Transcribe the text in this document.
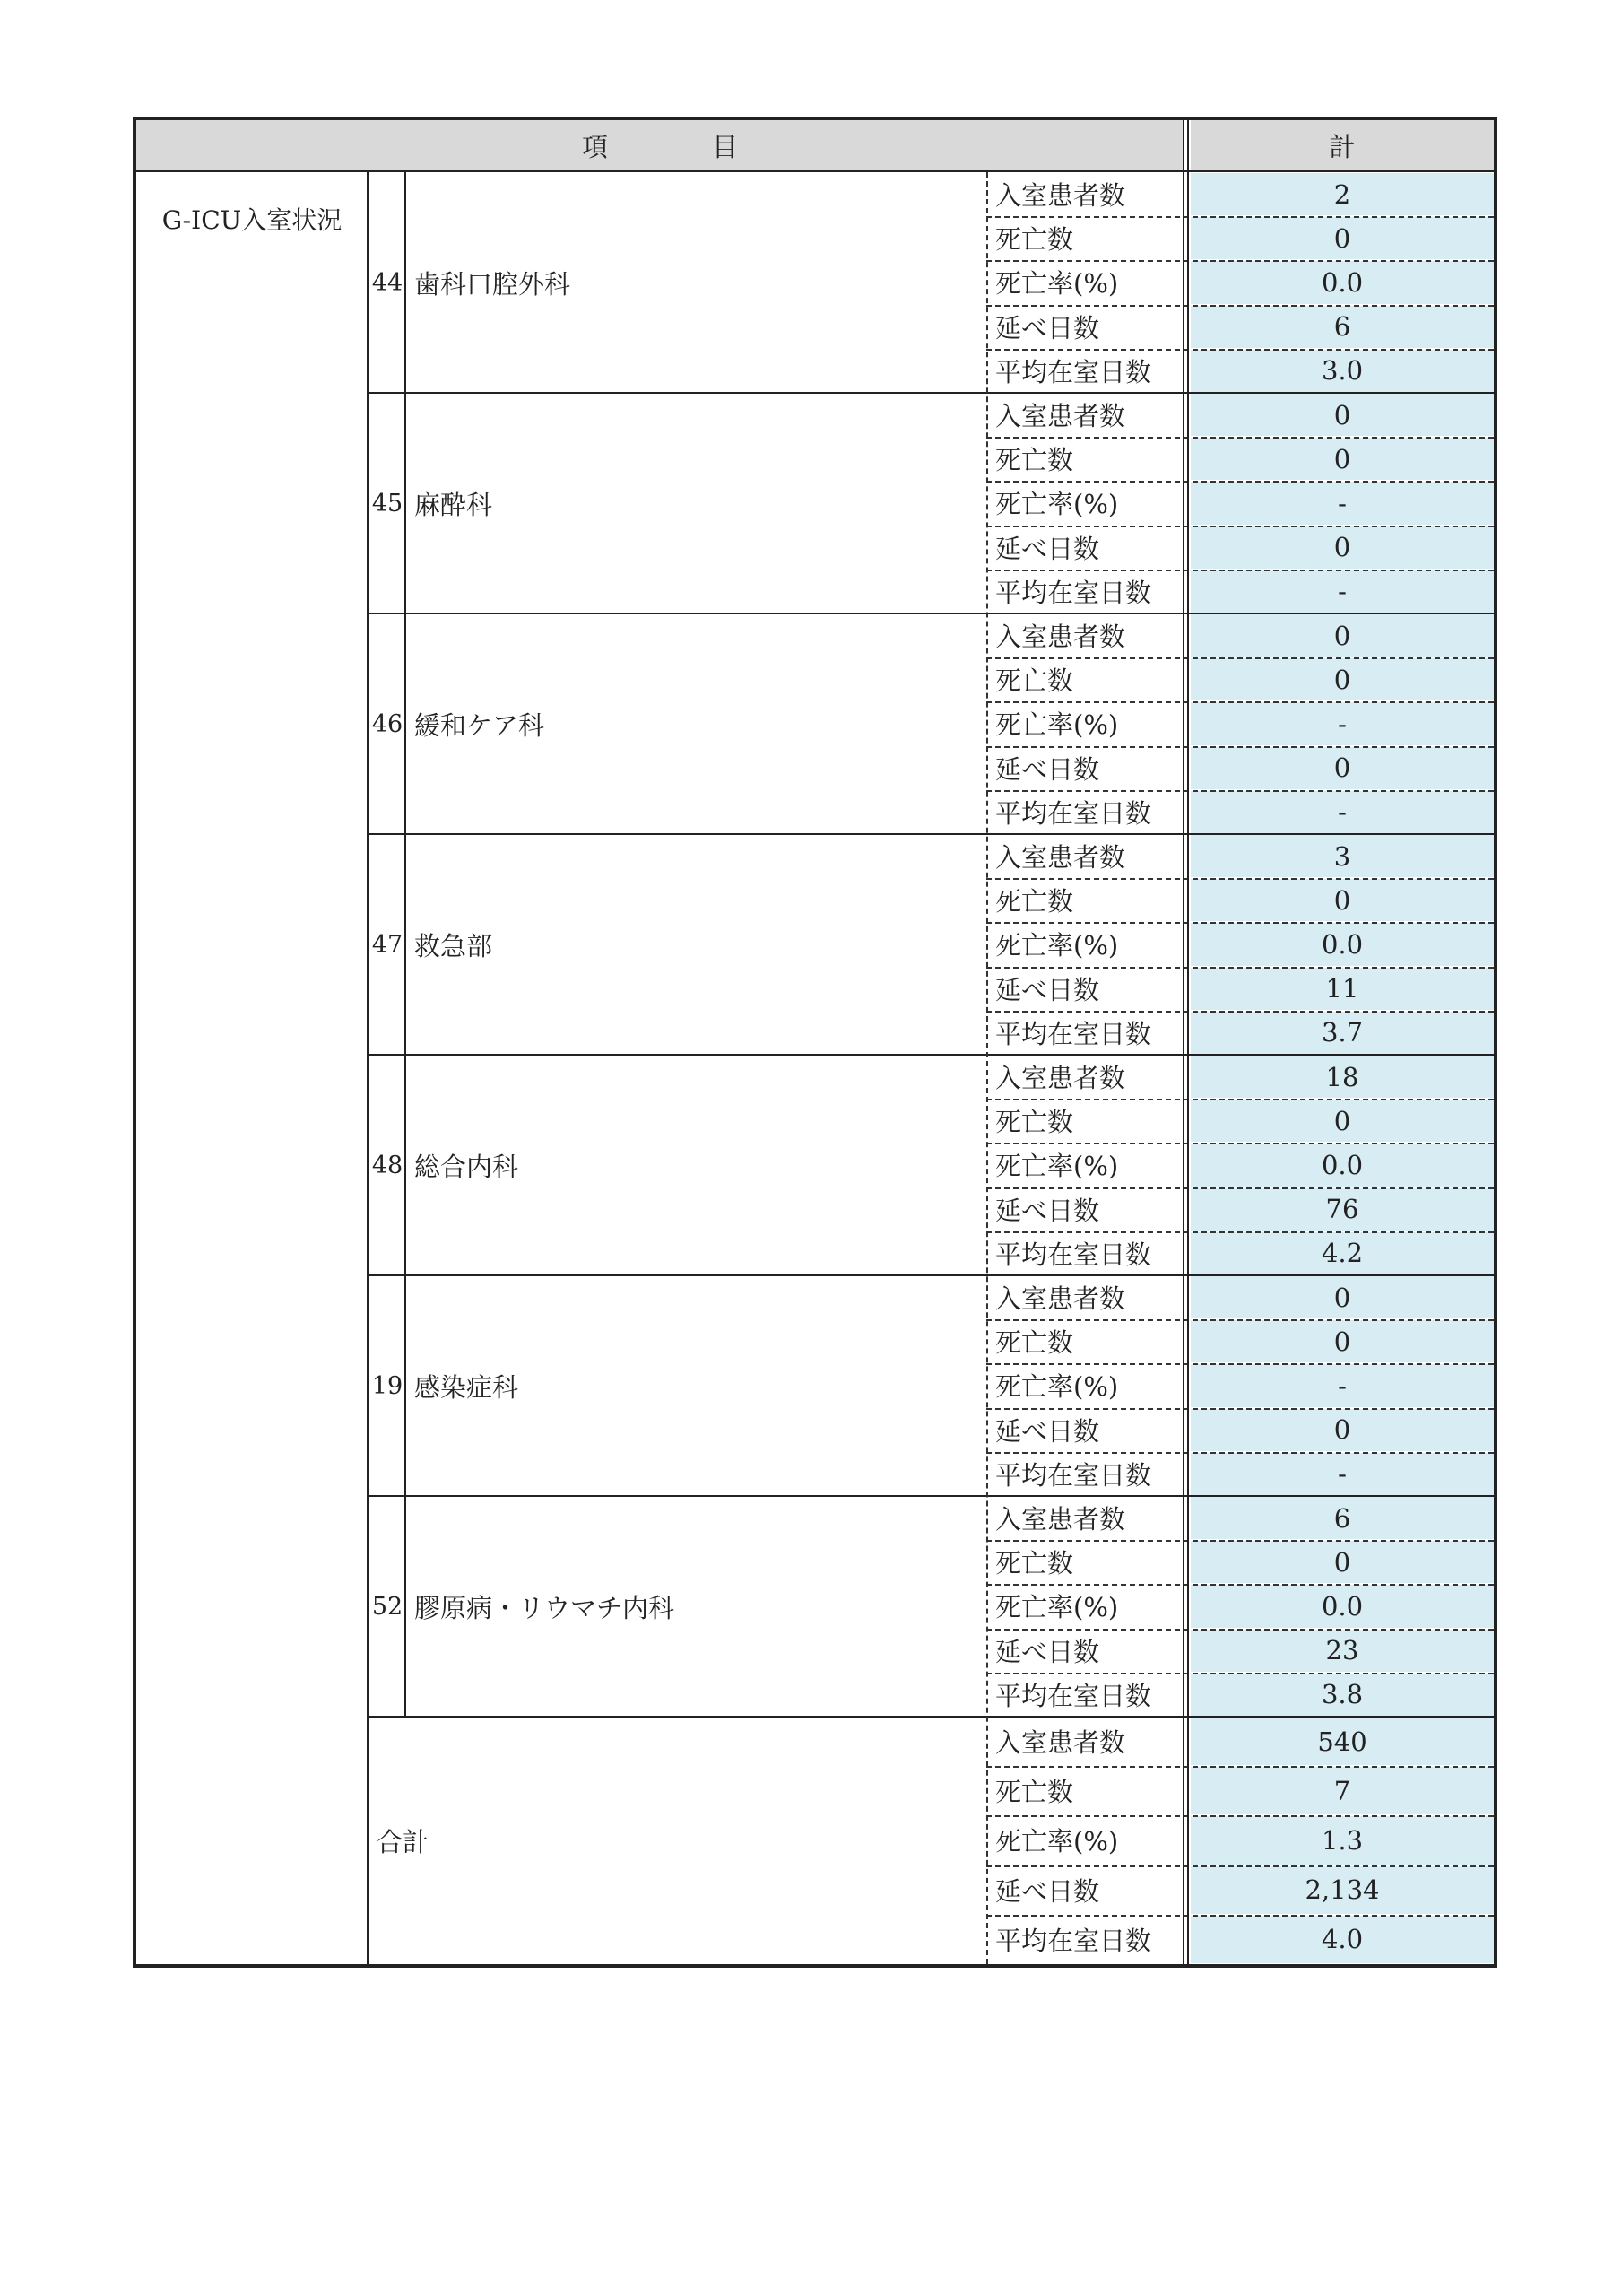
項　　　　目	計
G-ICU入室状況
44 歯科口腔外科
入室患者数	2
死亡数	0
死亡率(%)	0.0
延べ日数	6
平均在室日数	3.0
45 麻酔科
入室患者数	0
死亡数	0
死亡率(%)	-
延べ日数	0
平均在室日数	-
46 緩和ケア科
入室患者数	0
死亡数	0
死亡率(%)	-
延べ日数	0
平均在室日数	-
47 救急部
入室患者数	3
死亡数	0
死亡率(%)	0.0
延べ日数	11
平均在室日数	3.7
48 総合内科
入室患者数	18
死亡数	0
死亡率(%)	0.0
延べ日数	76
平均在室日数	4.2
19 感染症科
入室患者数	0
死亡数	0
死亡率(%)	-
延べ日数	0
平均在室日数	-
52 膠原病・リウマチ内科
入室患者数	6
死亡数	0
死亡率(%)	0.0
延べ日数	23
平均在室日数	3.8
合計
入室患者数	540
死亡数	7
死亡率(%)	1.3
延べ日数	2,134
平均在室日数	4.0
